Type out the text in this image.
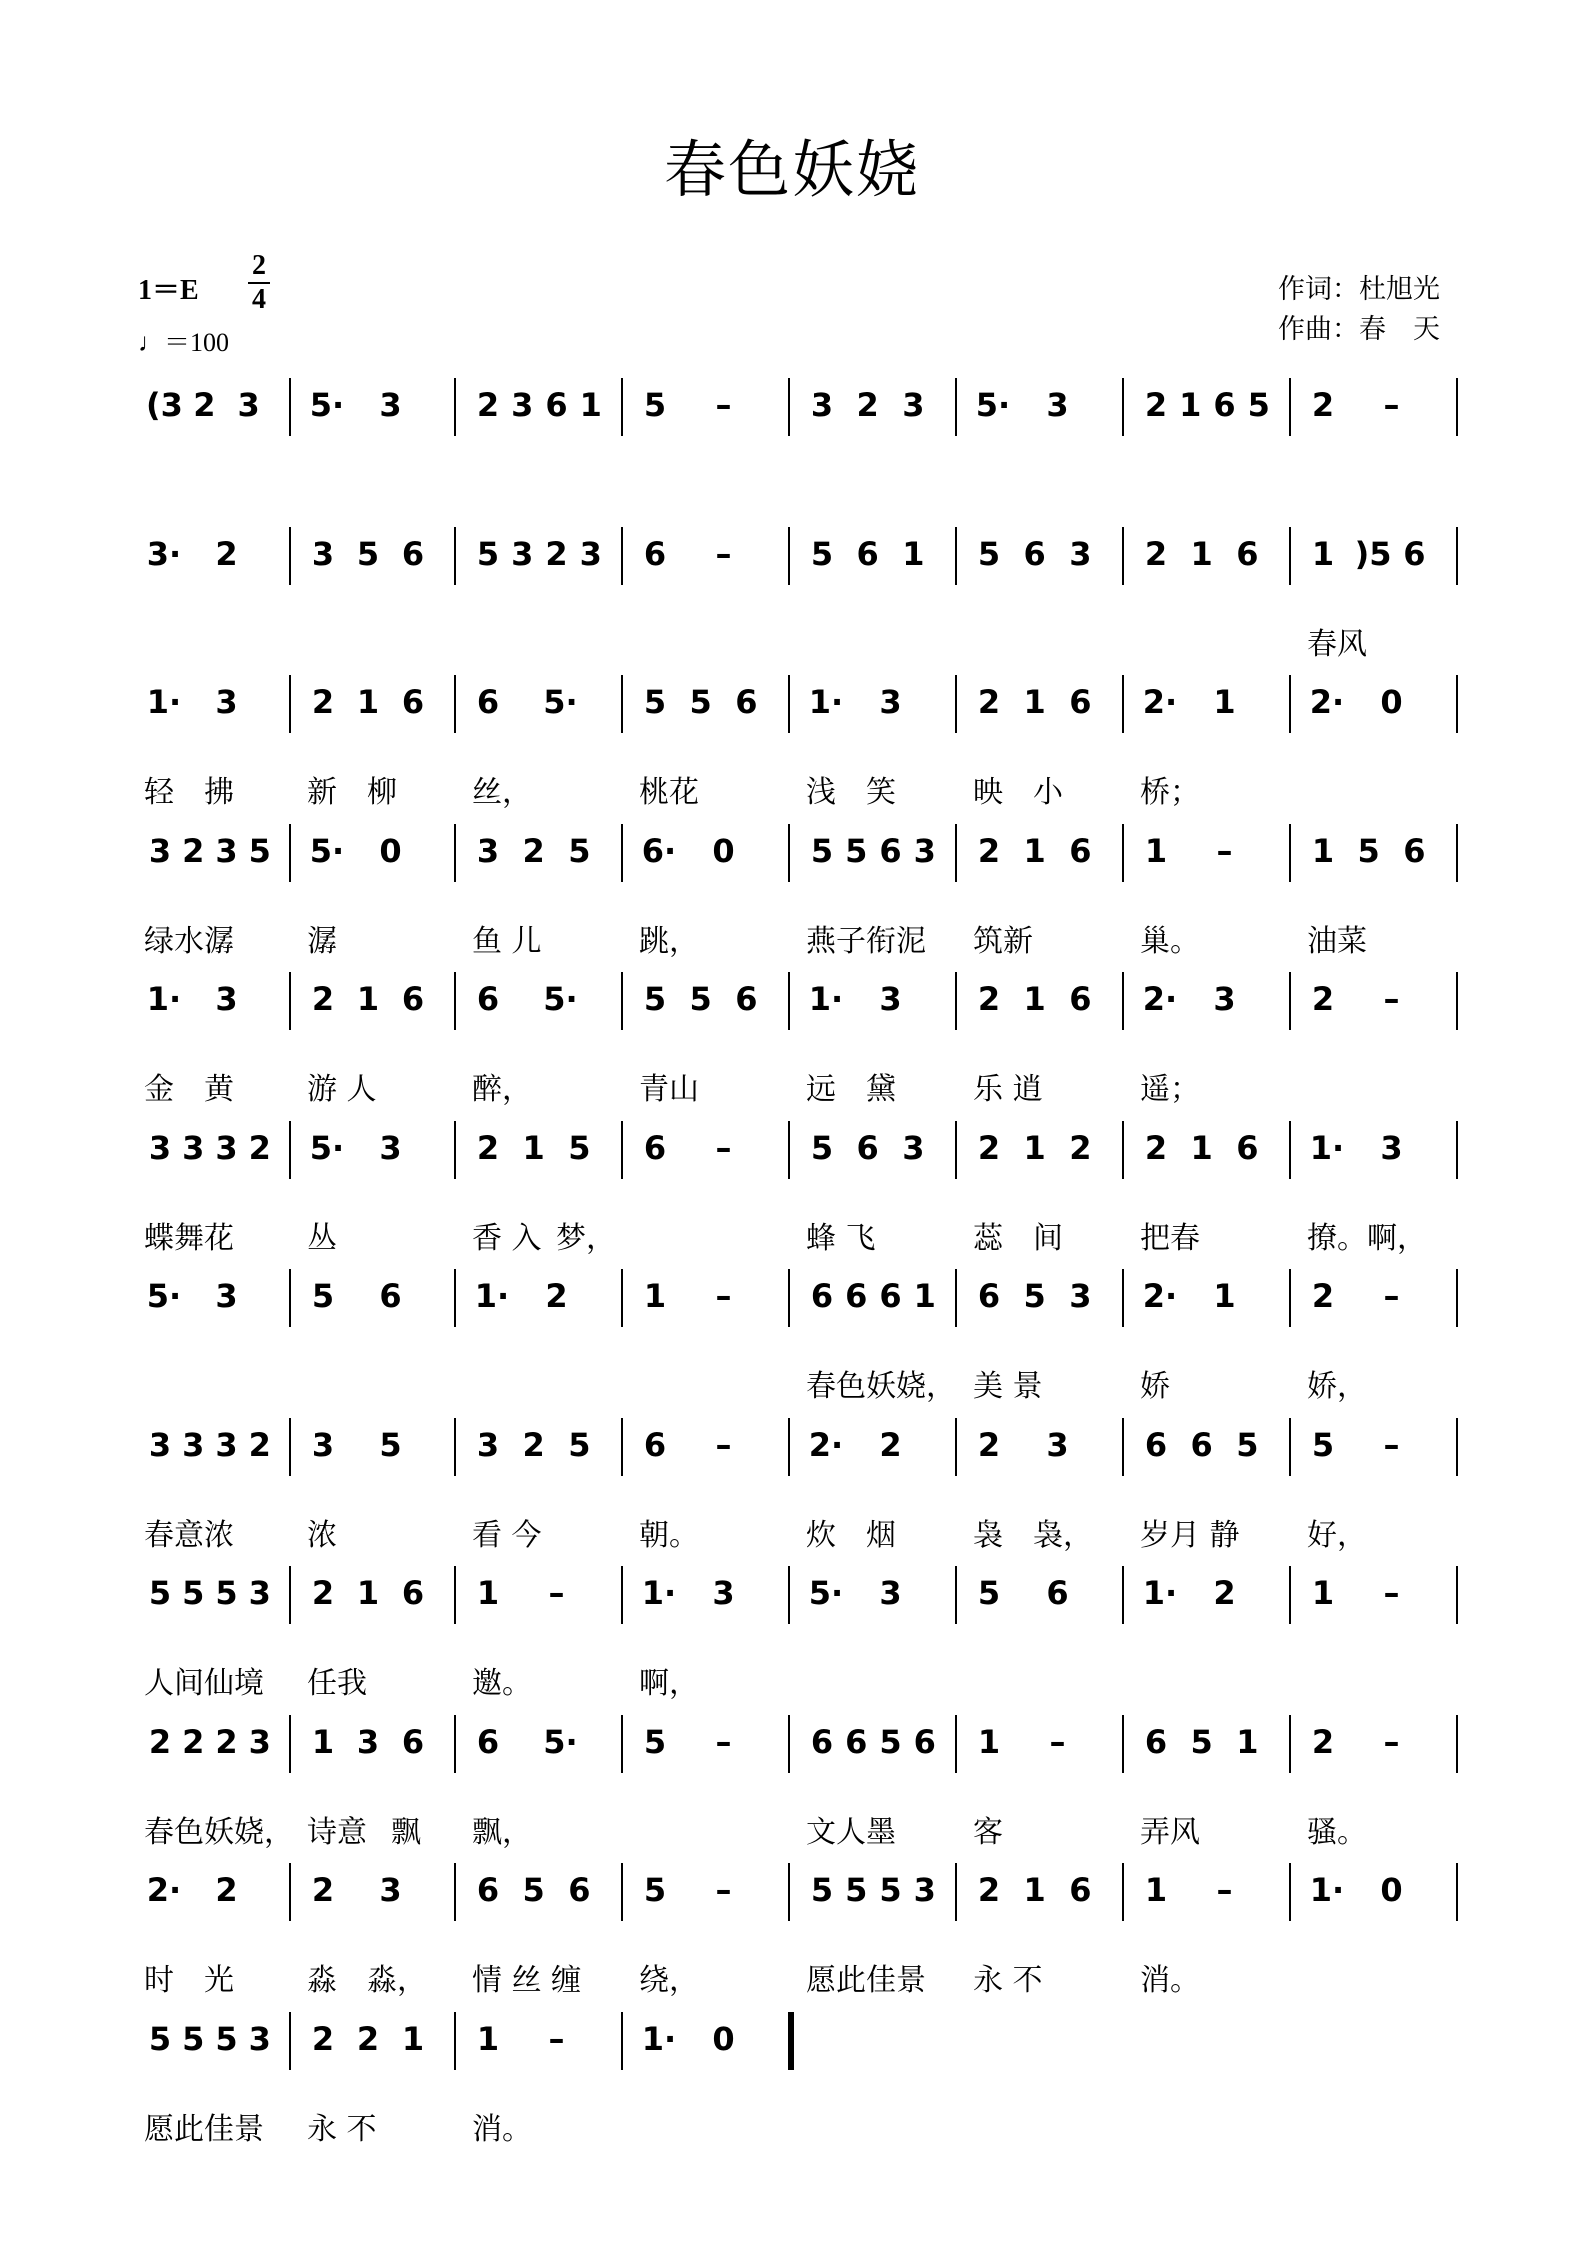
春色妖娆
1＝E
2
4
♩＝100
作词：杜旭光
作曲：春　天
(3 2 3 5· 3 2 3 6 1 5 – 3 2 3 5· 3 2 1 6 5 2 –
3· 2 3 5 6 5 3 2 3 6 – 5 6 1 5 6 3 2 1 6 1 )5 6
春风
1· 3 2 1 6 6 5· 5 5 6 1· 3 2 1 6 2· 1 2· 0
轻　拂 新　柳	丝，	桃花	浅　笑	映　小	桥；
3 2 3 5 5· 0 3 2 5 6· 0 5 5 6 3 2 1 6 1 – 1 5 6
绿水潺 潺	鱼 儿	跳，	燕子衔泥 筑新	巢。	油菜
1· 3 2 1 6 6 5· 5 5 6 1· 3 2 1 6 2· 3 2 –
金　黄 游 人	醉，	青山	远　黛	乐 逍	遥；
3 3 3 2 5· 3 2 1 5 6 – 5 6 3 2 1 2 2 1 6 1· 3
蝶舞花 丛	香 入 梦，	蜂 飞	蕊　间	把春	撩。啊，
5· 3 5 6 1· 2 1 – 6 6 6 1 6 5 3 2· 1 2 –
春色妖娆， 美 景	娇	娇，
3 3 3 2 3 5 3 2 5 6 – 2· 2 2 3 6 6 5 5 –
春意浓 浓	看 今	朝。	炊　烟	袅　袅， 岁月 静 好，
5 5 5 3 2 1 6 1 – 1· 3 5· 3 5 6 1· 2 1 –
人间仙境 任我	邀。	啊，
2 2 2 3 1 3 6 6 5· 5 – 6 6 5 6 1 – 6 5 1 2 –
春色妖娆， 诗意 飘 飘，	文人墨	客	弄风	骚。
2· 2 2 3 6 5 6 5 – 5 5 5 3 2 1 6 1 – 1· 0
时　光 淼　淼， 情 丝 缠 绕，	愿此佳景 永 不	消。
5 5 5 3 2 2 1 1 – 1· 0
愿此佳景 永 不	消。
